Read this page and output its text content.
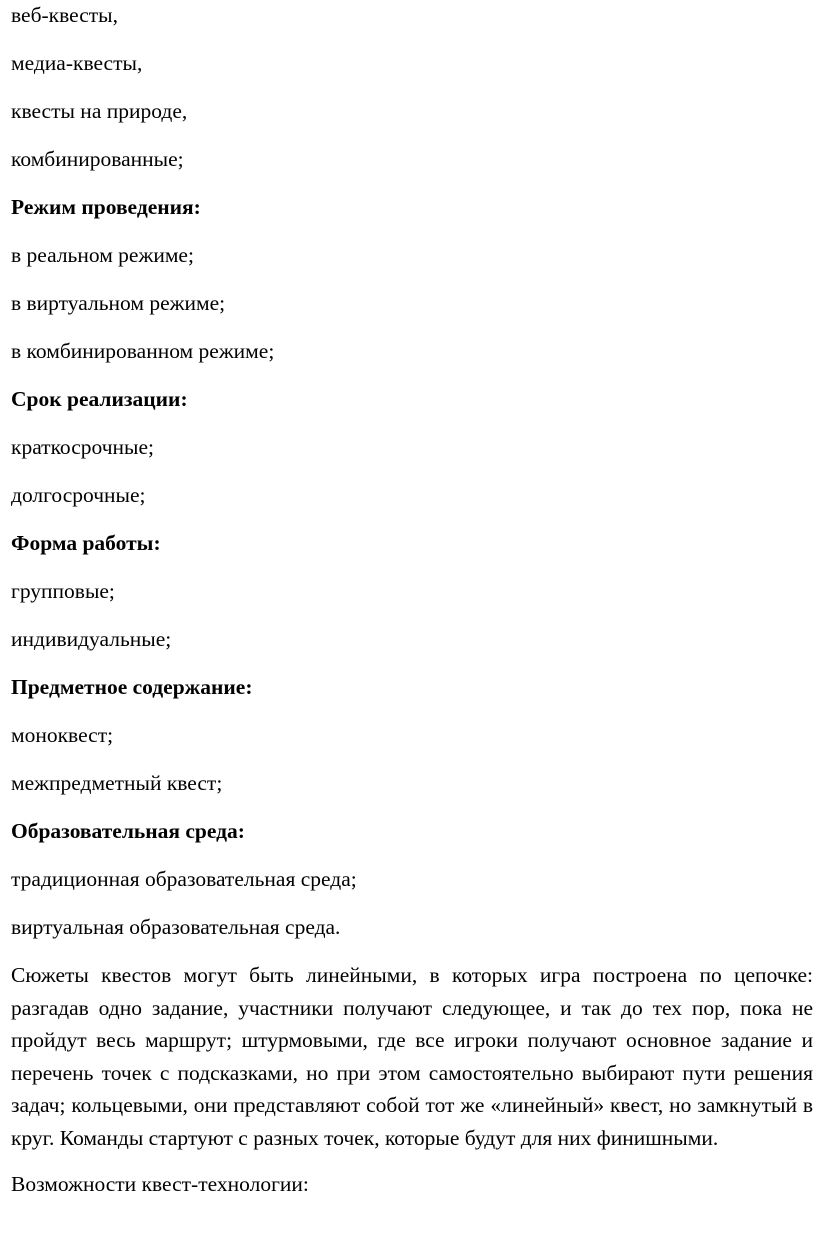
веб-квесты,

медиа-квесты,

квесты на природе,

комбинированные;

Режим проведения:

в реальном режиме;

в виртуальном режиме;

в комбинированном режиме;

Срок реализации:

краткосрочные;

долгосрочные;

Форма работы:

групповые;

индивидуальные;

Предметное содержание:

моноквест;

межпредметный квест;

Образовательная среда:

традиционная образовательная среда;

виртуальная образовательная среда.

Сюжеты квестов могут быть линейными, в которых игра построена по цепочке: разгадав одно задание, участники получают следующее, и так до тех пор, пока не пройдут весь маршрут; штурмовыми, где все игроки получают основное задание и перечень точек с подсказками, но при этом самостоятельно выбирают пути решения задач; кольцевыми, они представляют собой тот же «линейный» квест, но замкнутый в круг. Команды стартуют с разных точек, которые будут для них финишными.

Возможности квест-технологии:
